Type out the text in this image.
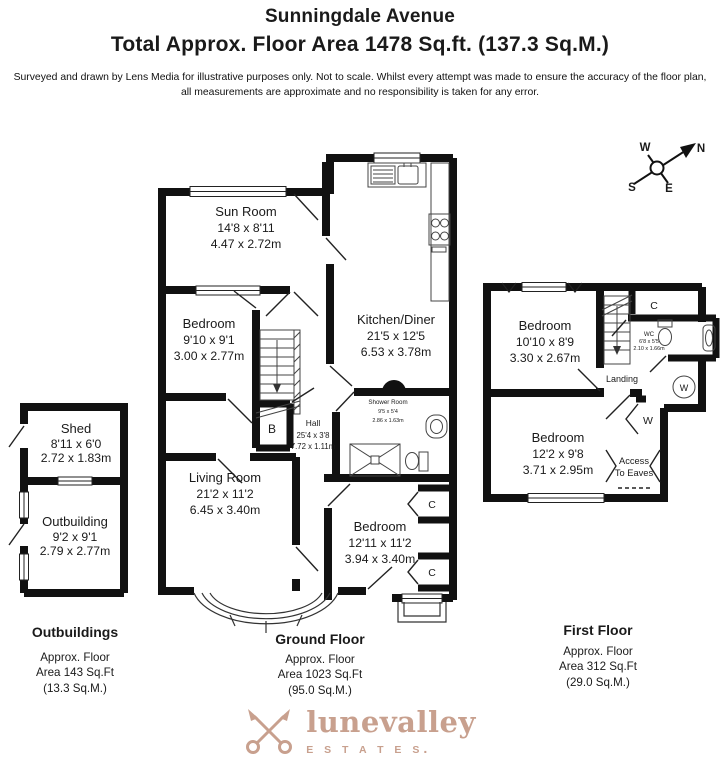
Sunningdale Avenue
Total Approx. Floor Area 1478 Sq.ft. (137.3 Sq.M.)
Surveyed and drawn by Lens Media for illustrative purposes only. Not to scale. Whilst every attempt was made to ensure the accuracy of the floor plan,
all measurements are approximate and no responsibility is taken for any error.
N
W
S	E
Sun Room
14'8 x 8'11
4.47 x 2.72m
Bedroom
9'10 x 9'1
3.00 x 2.77m
Kitchen/Diner
21'5 x 12'5
6.53 x 3.78m
Hall
25'4 x 3'8
7.72 x 1.11m
Shower Room
9'5 x 5'4
2.86 x 1.63m
Living Room
21'2 x 11'2
6.45 x 3.40m
Bedroom
12'11 x 11'2
3.94 x 3.40m
B
C
C
Bedroom
10'10 x 8'9
3.30 x 2.67m
Bedroom
12'2 x 9'8
3.71 x 2.95m
WC
6'8 x 5'5
2.10 x 1.66m
Landing
C
W
W
Access
To Eaves
Shed
8'11 x 6'0
2.72 x 1.83m
Outbuilding
9'2 x 9'1
2.79 x 2.77m
Outbuildings
Approx. Floor
Area 143 Sq.Ft
(13.3 Sq.M.)
Ground Floor
Approx. Floor
Area 1023 Sq.Ft
(95.0 Sq.M.)
First Floor
Approx. Floor
Area 312 Sq.Ft
(29.0 Sq.M.)
lunevalley
E S T A T E S.
